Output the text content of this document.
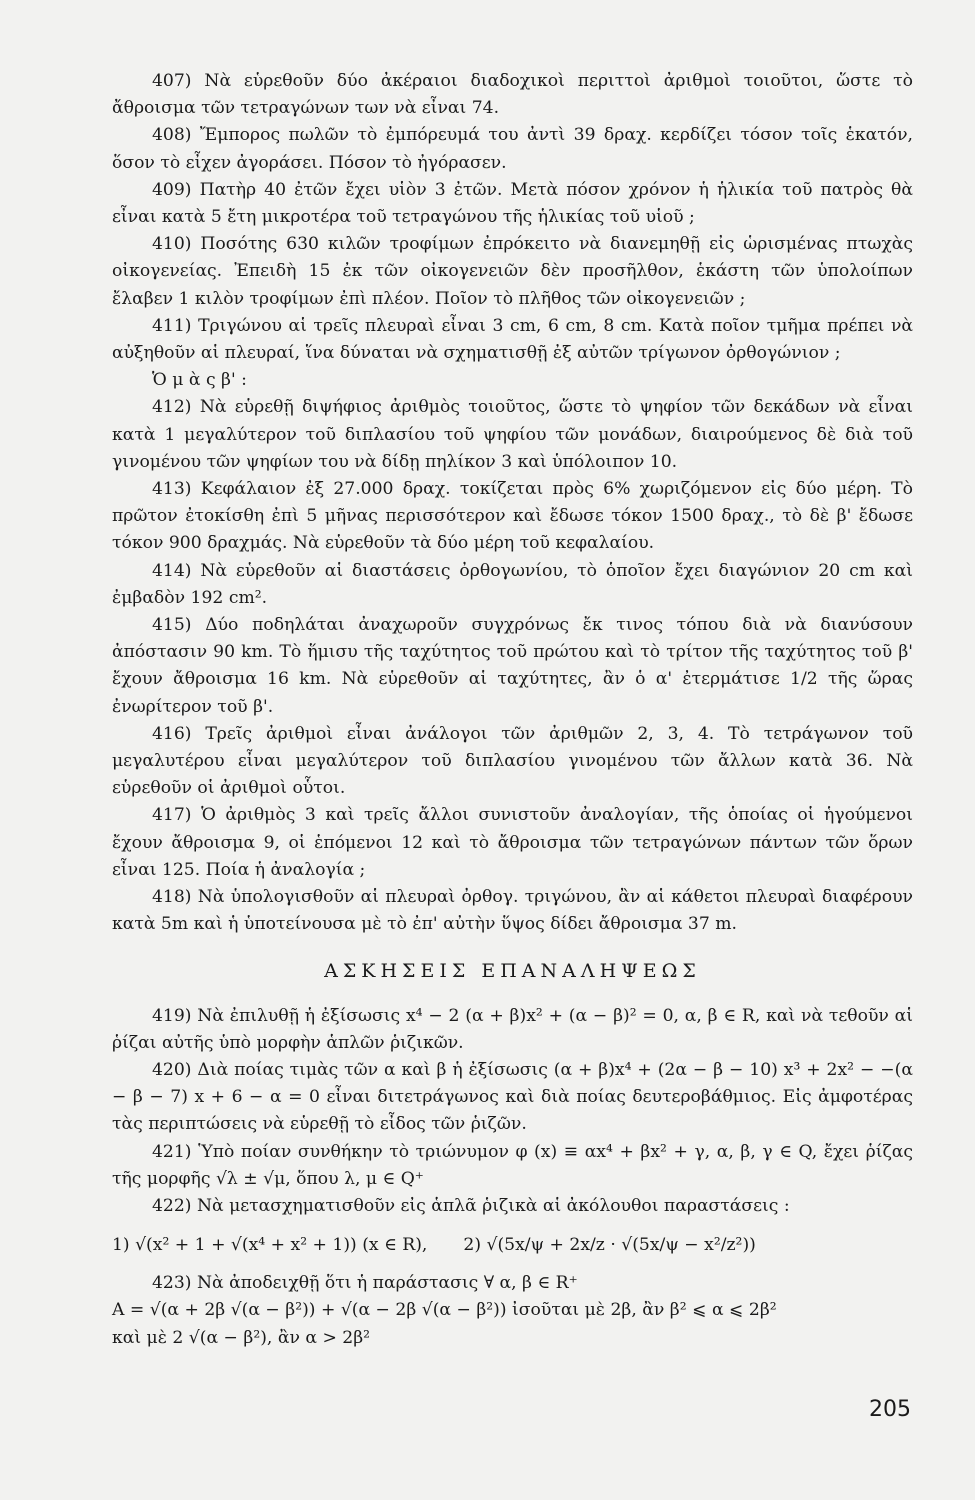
407) Νὰ εὑρεθοῦν δύο ἀκέραιοι διαδοχικοὶ περιττοὶ ἀριθμοὶ τοιοῦτοι, ὥστε τὸ ἄθροισμα τῶν τετραγώνων των νὰ εἶναι 74.

408) Ἔμπορος πωλῶν τὸ ἐμπόρευμά του ἀντὶ 39 δραχ. κερδίζει τόσον τοῖς ἑκατόν, ὅσον τὸ εἶχεν ἀγοράσει. Πόσον τὸ ἠγόρασεν.

409) Πατὴρ 40 ἐτῶν ἔχει υἱὸν 3 ἐτῶν. Μετὰ πόσον χρόνον ἡ ἡλικία τοῦ πατρὸς θὰ εἶναι κατὰ 5 ἔτη μικροτέρα τοῦ τετραγώνου τῆς ἡλικίας τοῦ υἱοῦ ;

410) Ποσότης 630 κιλῶν τροφίμων ἐπρόκειτο νὰ διανεμηθῇ εἰς ὡρισμένας πτωχὰς οἰκογενείας. Ἐπειδὴ 15 ἐκ τῶν οἰκογενειῶν δὲν προσῆλθον, ἑκάστη τῶν ὑπολοίπων ἔλαβεν 1 κιλὸν τροφίμων ἐπὶ πλέον. Ποῖον τὸ πλῆθος τῶν οἰκογενειῶν ;

411) Τριγώνου αἱ τρεῖς πλευραὶ εἶναι 3 cm, 6 cm, 8 cm. Κατὰ ποῖον τμῆμα πρέπει νὰ αὐξηθοῦν αἱ πλευραί, ἵνα δύναται νὰ σχηματισθῇ ἐξ αὐτῶν τρίγωνον ὀρθογώνιον ;

Ὁ μ ὰ ς β' :

412) Νὰ εὑρεθῇ διψήφιος ἀριθμὸς τοιοῦτος, ὥστε τὸ ψηφίον τῶν δεκάδων νὰ εἶναι κατὰ 1 μεγαλύτερον τοῦ διπλασίου τοῦ ψηφίου τῶν μονάδων, διαιρούμενος δὲ διὰ τοῦ γινομένου τῶν ψηφίων του νὰ δίδῃ πηλίκον 3 καὶ ὑπόλοιπον 10.

413) Κεφάλαιον ἐξ 27.000 δραχ. τοκίζεται πρὸς 6% χωριζόμενον εἰς δύο μέρη. Τὸ πρῶτον ἐτοκίσθη ἐπὶ 5 μῆνας περισσότερον καὶ ἔδωσε τόκον 1500 δραχ., τὸ δὲ β' ἔδωσε τόκον 900 δραχμάς. Νὰ εὑρεθοῦν τὰ δύο μέρη τοῦ κεφαλαίου.

414) Νὰ εὑρεθοῦν αἱ διαστάσεις ὀρθογωνίου, τὸ ὁποῖον ἔχει διαγώνιον 20 cm καὶ ἐμβαδὸν 192 cm².

415) Δύο ποδηλάται ἀναχωροῦν συγχρόνως ἔκ τινος τόπου διὰ νὰ διανύσουν ἀπόστασιν 90 km. Τὸ ἥμισυ τῆς ταχύτητος τοῦ πρώτου καὶ τὸ τρίτον τῆς ταχύτητος τοῦ β' ἔχουν ἄθροισμα 16 km. Νὰ εὑρεθοῦν αἱ ταχύτητες, ἂν ὁ α' ἐτερμάτισε 1/2 τῆς ὥρας ἐνωρίτερον τοῦ β'.

416) Τρεῖς ἀριθμοὶ εἶναι ἀνάλογοι τῶν ἀριθμῶν 2, 3, 4. Τὸ τετράγωνον τοῦ μεγαλυτέρου εἶναι μεγαλύτερον τοῦ διπλασίου γινομένου τῶν ἄλλων κατὰ 36. Νὰ εὑρεθοῦν οἱ ἀριθμοὶ οὗτοι.

417) Ὁ ἀριθμὸς 3 καὶ τρεῖς ἄλλοι συνιστοῦν ἀναλογίαν, τῆς ὁποίας οἱ ἡγούμενοι ἔχουν ἄθροισμα 9, οἱ ἑπόμενοι 12 καὶ τὸ ἄθροισμα τῶν τετραγώνων πάντων τῶν ὅρων εἶναι 125. Ποία ἡ ἀναλογία ;

418) Νὰ ὑπολογισθοῦν αἱ πλευραὶ ὀρθογ. τριγώνου, ἂν αἱ κάθετοι πλευραὶ διαφέρουν κατὰ 5m καὶ ἡ ὑποτείνουσα μὲ τὸ ἐπ' αὐτὴν ὕψος δίδει ἄθροισμα 37 m.

ΑΣΚΗΣΕΙΣ ΕΠΑΝΑΛΗΨΕΩΣ

419) Νὰ ἐπιλυθῇ ἡ ἐξίσωσις x⁴ − 2 (α + β)x² + (α − β)² = 0, α, β ∈ R, καὶ νὰ τεθοῦν αἱ ῥίζαι αὐτῆς ὑπὸ μορφὴν ἁπλῶν ῥιζικῶν.

420) Διὰ ποίας τιμὰς τῶν α καὶ β ἡ ἐξίσωσις (α + β)x⁴ + (2α − β − 10) x³ + 2x² − −(α − β − 7) x + 6 − α = 0 εἶναι διτετράγωνος καὶ διὰ ποίας δευτεροβάθμιος. Εἰς ἀμφοτέρας τὰς περιπτώσεις νὰ εὑρεθῇ τὸ εἶδος τῶν ῥιζῶν.

421) Ὑπὸ ποίαν συνθήκην τὸ τριώνυμον φ (x) ≡ αx⁴ + βx² + γ, α, β, γ ∈ Q, ἔχει ῥίζας τῆς μορφῆς √λ ± √μ, ὅπου λ, μ ∈ Q⁺

422) Νὰ μετασχηματισθοῦν εἰς ἁπλᾶ ῥιζικὰ αἱ ἀκόλουθοι παραστάσεις :

1) √(x² + 1 + √(x⁴ + x² + 1)) (x ∈ R), 2) √(5x/ψ + 2x/z · √(5x/ψ − x²/z²))

423) Νὰ ἀποδειχθῇ ὅτι ἡ παράστασις ∀ α, β ∈ R⁺

A = √(α + 2β √(α − β²)) + √(α − 2β √(α − β²)) ἰσοῦται μὲ 2β, ἂν β² ⩽ α ⩽ 2β²

καὶ μὲ 2 √(α − β²), ἂν α > 2β²

205
